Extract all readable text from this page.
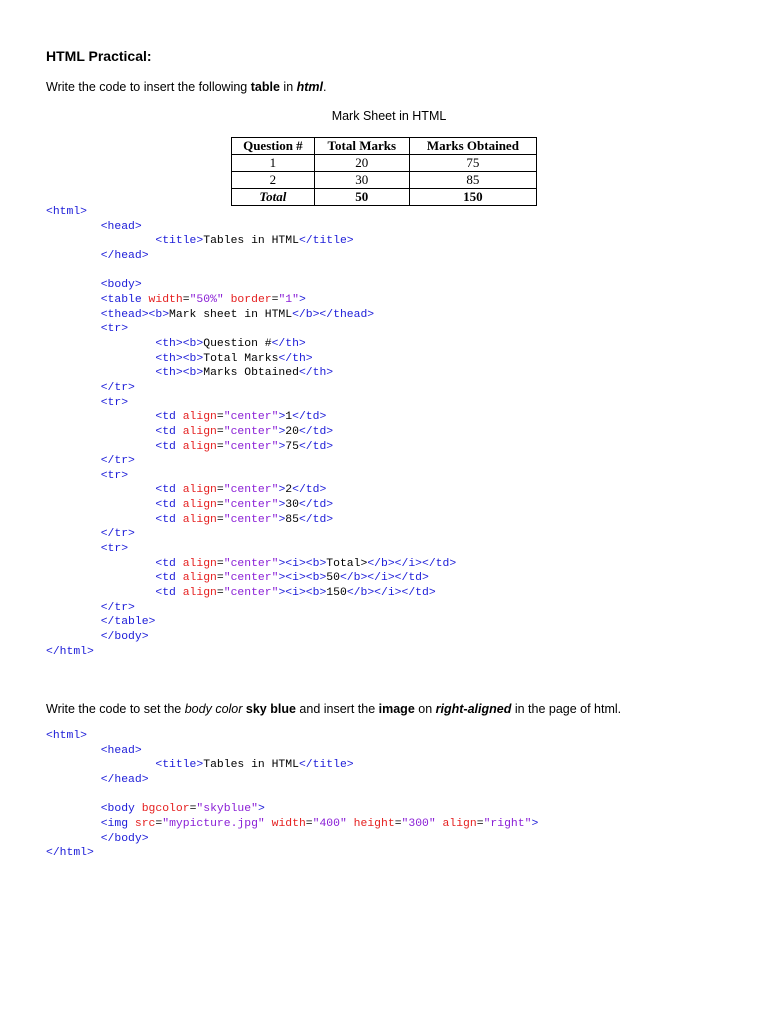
HTML Practical:
Write the code to insert the following table in html.
Mark Sheet in HTML
Question #	Total Marks	Marks Obtained
1	20	75
2	30	85
Total	50	150
<html>
	<head>
		<title>Tables in HTML</title>
	</head>

	<body>
	<table width="50%" border="1">
	<thead><b>Mark sheet in HTML</b></thead>
	<tr>
		<th><b>Question #</th>
		<th><b>Total Marks</th>
		<th><b>Marks Obtained</th>
	</tr>
	<tr>
		<td align="center">1</td>
		<td align="center">20</td>
		<td align="center">75</td>
	</tr>
	<tr>
		<td align="center">2</td>
		<td align="center">30</td>
		<td align="center">85</td>
	</tr>
	<tr>
		<td align="center"><i><b>Total></b></i></td>
		<td align="center"><i><b>50</b></i></td>
		<td align="center"><i><b>150</b></i></td>
	</tr>
	</table>
	</body>
</html>

Write the code to set the body color sky blue and insert the image on right-aligned in the page of html.
<html>
	<head>
		<title>Tables in HTML</title>
	</head>

	<body bgcolor="skyblue">
	<img src="mypicture.jpg" width="400" height="300" align="right">
	</body>
</html>
